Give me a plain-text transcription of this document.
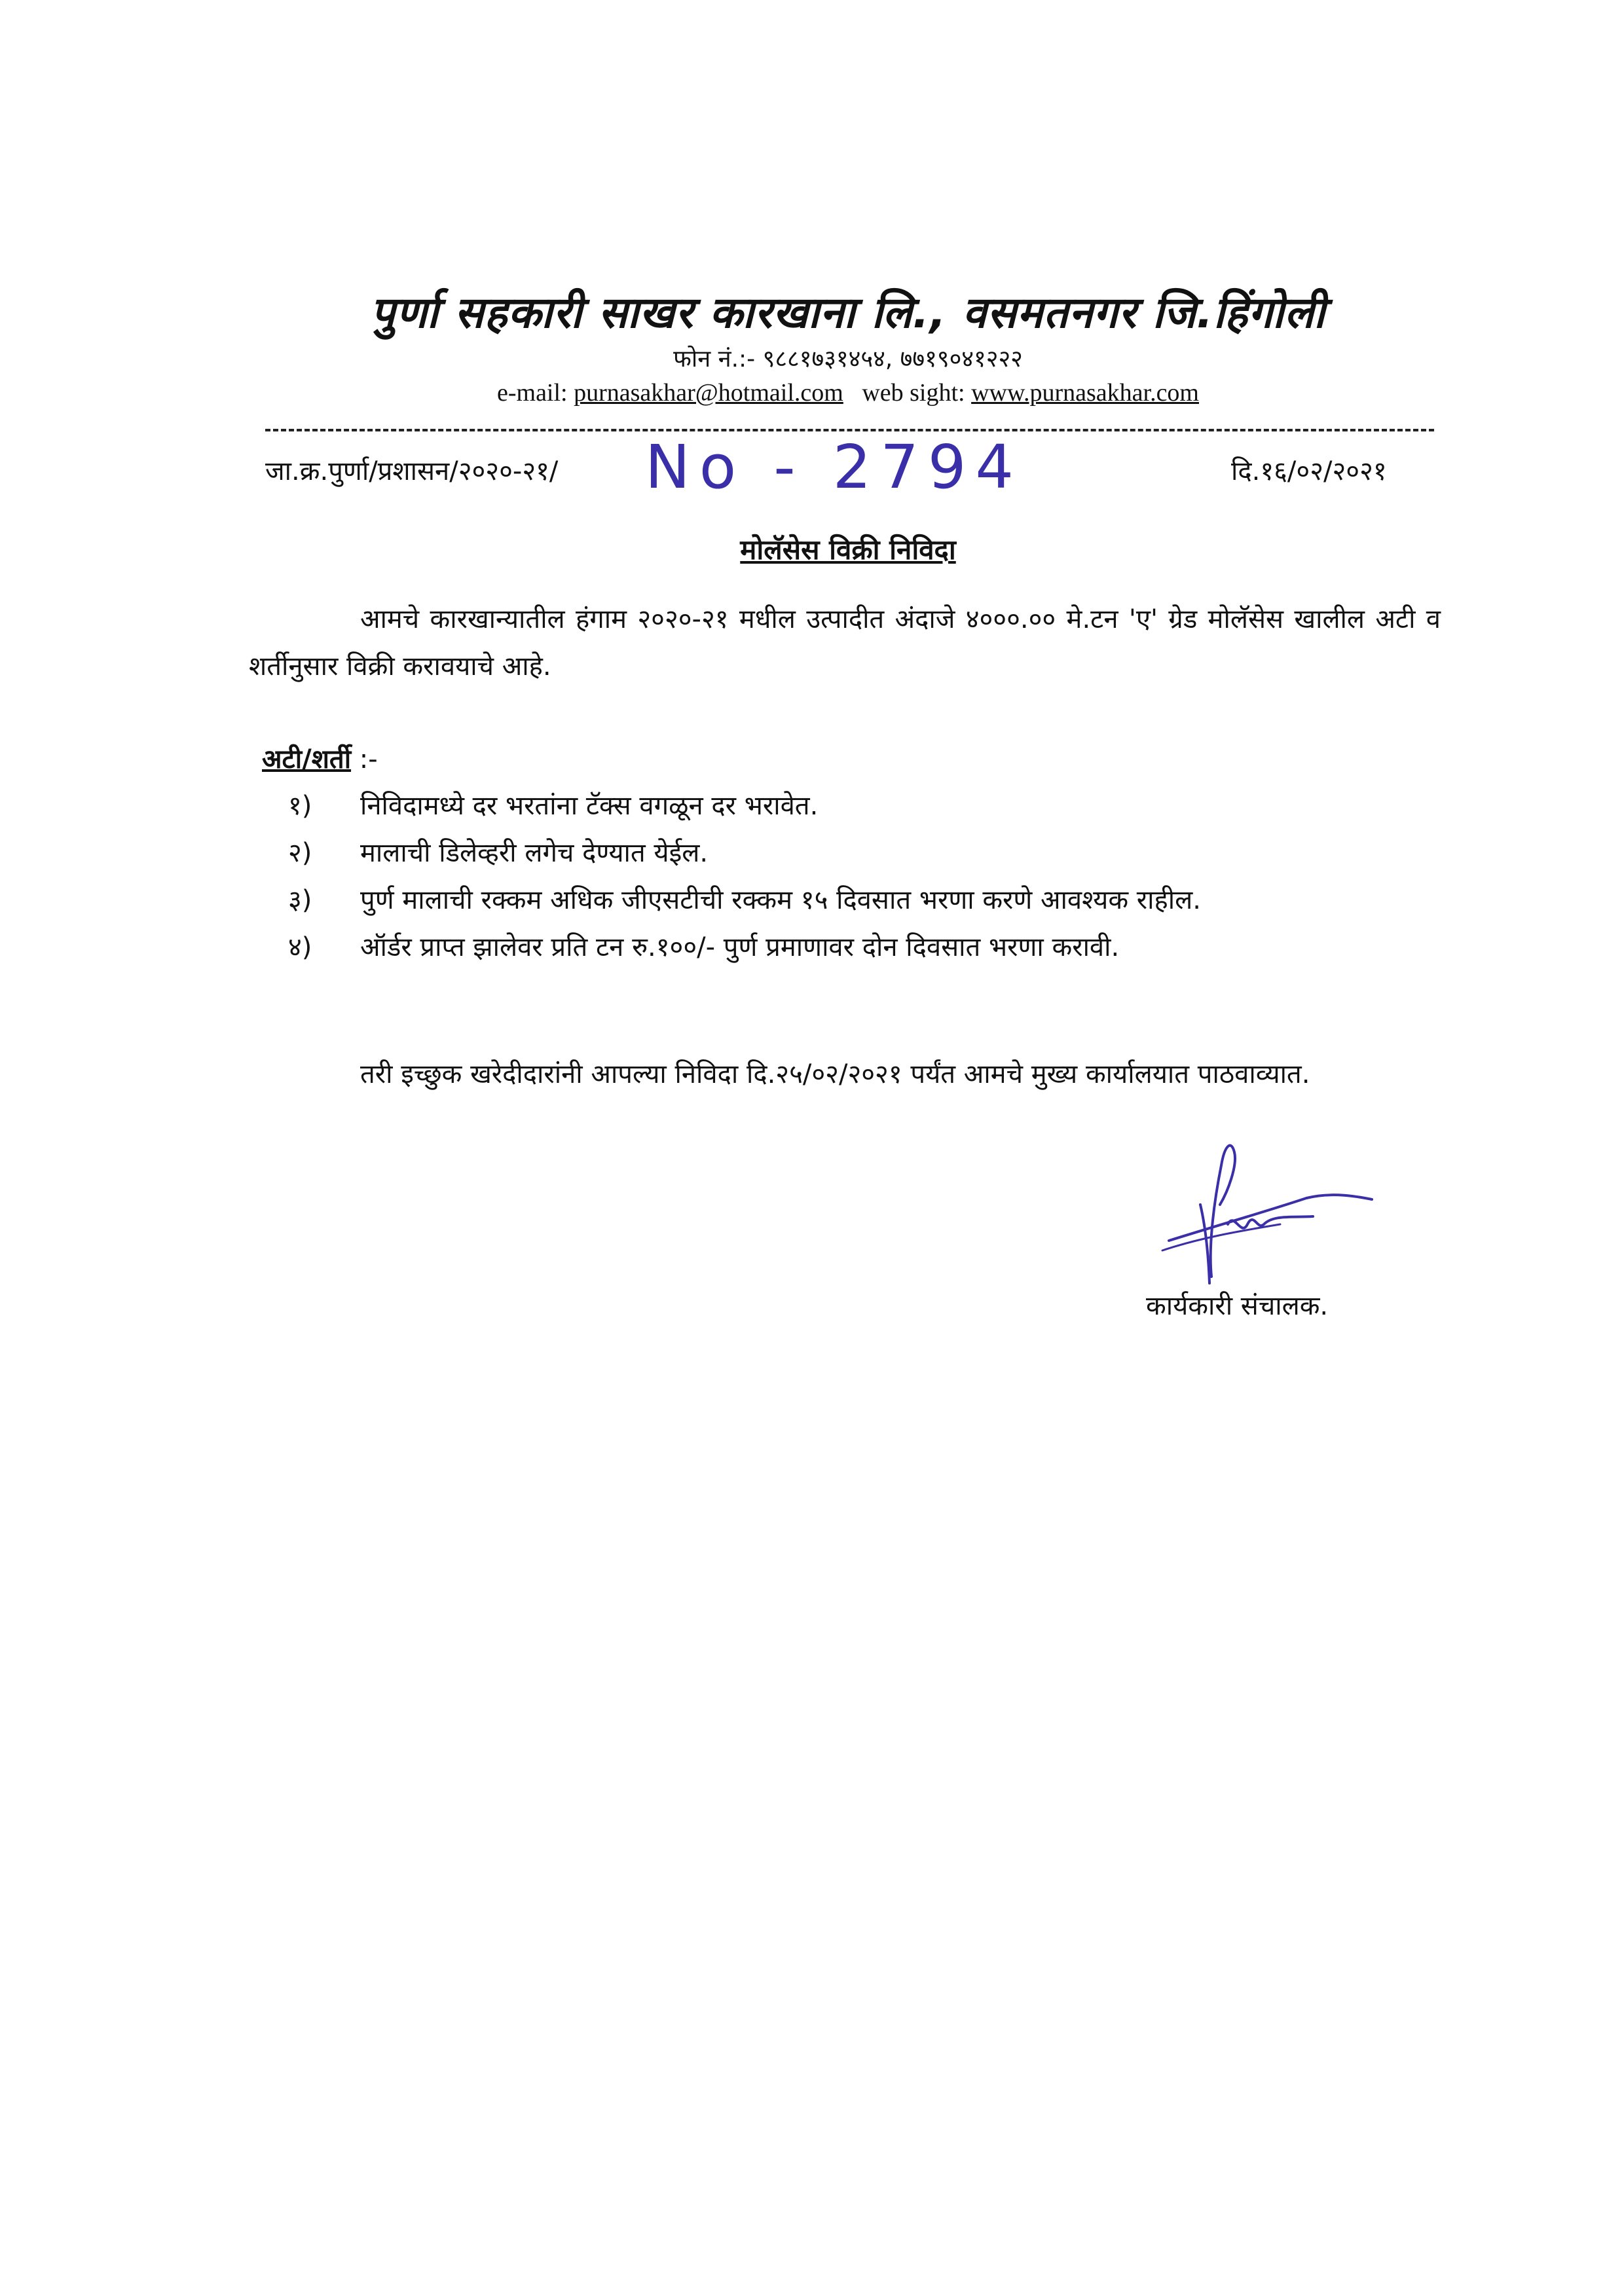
पुर्णा सहकारी साखर कारखाना लि., वसमतनगर जि.हिंगोली
फोन नं.:- ९८८१७३१४५४, ७७१९०४१२२२
e-mail: purnasakhar@hotmail.com web sight: www.purnasakhar.com
जा.क्र.पुर्णा/प्रशासन/२०२०-२१/ No - 2794	दि.१६/०२/२०२१
मोलॅसेस विक्री निविदा
आमचे कारखान्यातील हंगाम २०२०-२१ मधील उत्पादीत अंदाजे ४०००.०० मे.टन 'ए' ग्रेड मोलॅसेस खालील अटी व शर्तीनुसार विक्री करावयाचे आहे.
अटी/शर्ती :-
१)	निविदामध्ये दर भरतांना टॅक्स वगळून दर भरावेत.
२)	मालाची डिलेव्हरी लगेच देण्यात येईल.
३)	पुर्ण मालाची रक्कम अधिक जीएसटीची रक्कम १५ दिवसात भरणा करणे आवश्यक राहील.
४)	ऑर्डर प्राप्त झालेवर प्रति टन रु.१००/- पुर्ण प्रमाणावर दोन दिवसात भरणा करावी.
तरी इच्छुक खरेदीदारांनी आपल्या निविदा दि.२५/०२/२०२१ पर्यंत आमचे मुख्य कार्यालयात पाठवाव्यात.
कार्यकारी संचालक.
